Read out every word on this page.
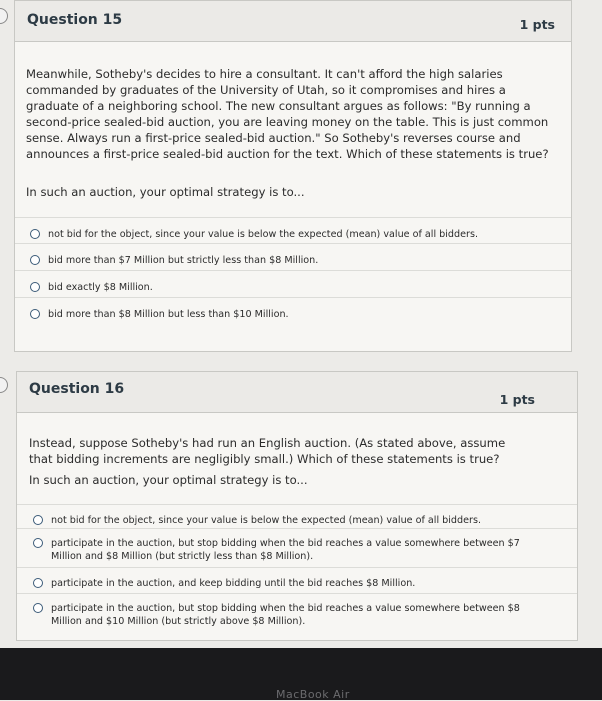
Question 15	1 pts
Meanwhile, Sotheby's decides to hire a consultant. It can't afford the high salaries commanded by graduates of the University of Utah, so it compromises and hires a graduate of a neighboring school. The new consultant argues as follows: "By running a second-price sealed-bid auction, you are leaving money on the table. This is just common sense. Always run a first-price sealed-bid auction." So Sotheby's reverses course and announces a first-price sealed-bid auction for the text. Which of these statements is true?
In such an auction, your optimal strategy is to...
not bid for the object, since your value is below the expected (mean) value of all bidders.
bid more than $7 Million but strictly less than $8 Million.
bid exactly $8 Million.
bid more than $8 Million but less than $10 Million.
Question 16
1 pts
Instead, suppose Sotheby's had run an English auction. (As stated above, assume that bidding increments are negligibly small.) Which of these statements is true?
In such an auction, your optimal strategy is to...
not bid for the object, since your value is below the expected (mean) value of all bidders.
participate in the auction, but stop bidding when the bid reaches a value somewhere between $7 Million and $8 Million (but strictly less than $8 Million).
participate in the auction, and keep bidding until the bid reaches $8 Million.
participate in the auction, but stop bidding when the bid reaches a value somewhere between $8 Million and $10 Million (but strictly above $8 Million).
MacBook Air
